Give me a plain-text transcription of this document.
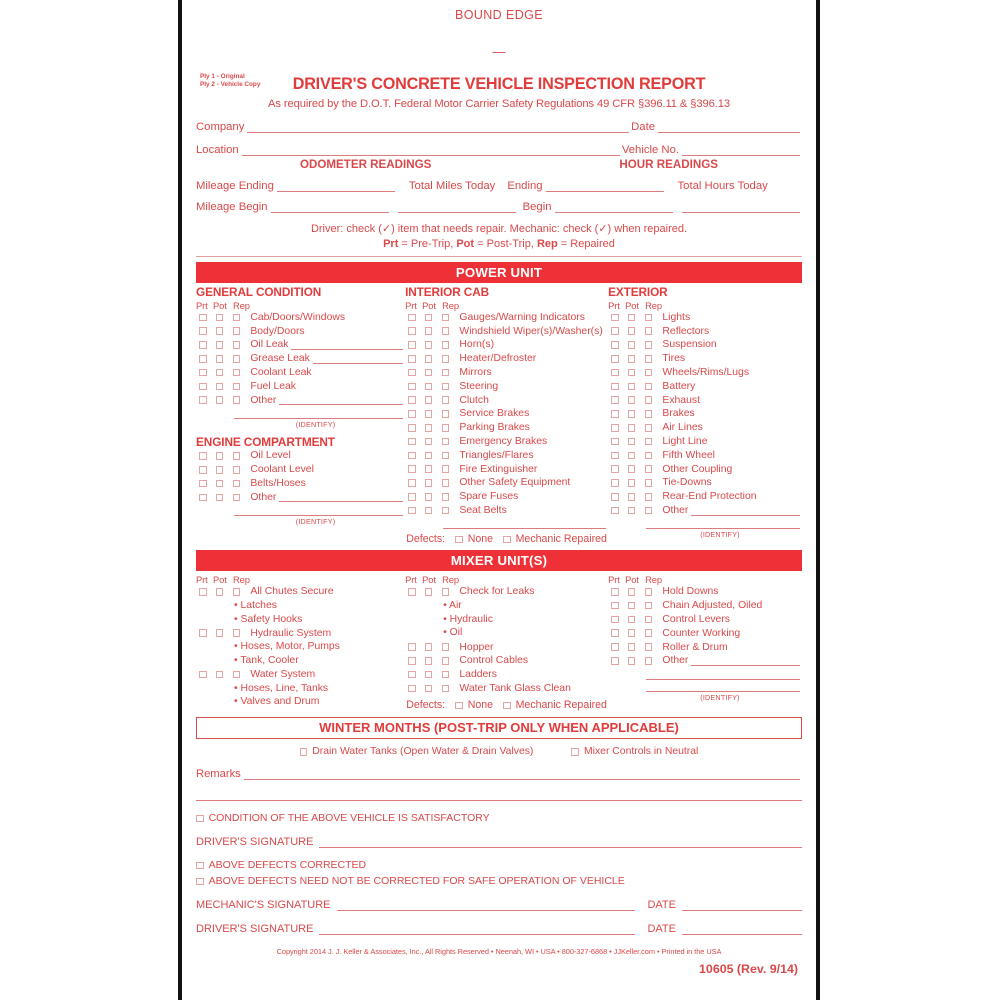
BOUND EDGE
—
Ply 1 - Original
Ply 2 - Vehicle Copy	DRIVER'S CONCRETE VEHICLE INSPECTION REPORT
As required by the D.O.T. Federal Motor Carrier Safety Regulations 49 CFR §396.11 & §396.13
Company	Date
Location	Vehicle No.
ODOMETER READINGS	HOUR READINGS
Mileage Ending	Total Miles Today Ending	Total Hours Today
Mileage Begin	Begin
Driver: check (✓) item that needs repair. Mechanic: check (✓) when repaired.
Prt = Pre-Trip, Pot = Post-Trip, Rep = Repaired
POWER UNIT
GENERAL CONDITION
Prt Pot Rep
Cab/Doors/Windows
Body/Doors
Oil Leak
Grease Leak
Coolant Leak
Fuel Leak
Other
(IDENTIFY)
ENGINE COMPARTMENT
Oil Level
Coolant Level
Belts/Hoses
Other
(IDENTIFY)
INTERIOR CAB
Prt Pot Rep
Gauges/Warning Indicators
Windshield Wiper(s)/Washer(s)
Horn(s)
Heater/Defroster
Mirrors
Steering
Clutch
Service Brakes
Parking Brakes
Emergency Brakes
Triangles/Flares
Fire Extinguisher
Other Safety Equipment
Spare Fuses
Seat Belts
Defects: None Mechanic Repaired
EXTERIOR
Prt Pot Rep
Lights
Reflectors
Suspension
Tires
Wheels/Rims/Lugs
Battery
Exhaust
Brakes
Air Lines
Light Line
Fifth Wheel
Other Coupling
Tie-Downs
Rear-End Protection
Other
(IDENTIFY)
MIXER UNIT(S)
Prt Pot Rep
All Chutes Secure
• Latches
• Safety Hooks
Hydraulic System
• Hoses, Motor, Pumps
• Tank, Cooler
Water System
• Hoses, Line, Tanks
• Valves and Drum
Prt Pot Rep
Check for Leaks
• Air
• Hydraulic
• Oil
Hopper
Control Cables
Ladders
Water Tank Glass Clean
Defects: None Mechanic Repaired
Prt Pot Rep
Hold Downs
Chain Adjusted, Oiled
Control Levers
Counter Working
Roller & Drum
Other
(IDENTIFY)
WINTER MONTHS (POST-TRIP ONLY WHEN APPLICABLE)
Drain Water Tanks (Open Water & Drain Valves)	Mixer Controls in Neutral
Remarks
CONDITION OF THE ABOVE VEHICLE IS SATISFACTORY
DRIVER'S SIGNATURE
ABOVE DEFECTS CORRECTED
ABOVE DEFECTS NEED NOT BE CORRECTED FOR SAFE OPERATION OF VEHICLE
MECHANIC'S SIGNATURE	DATE
DRIVER'S SIGNATURE	DATE
Copyright 2014 J. J. Keller & Associates, Inc., All Rights Reserved • Neenah, WI • USA • 800-327-6868 • JJKeller.com • Printed in the USA
10605 (Rev. 9/14)
